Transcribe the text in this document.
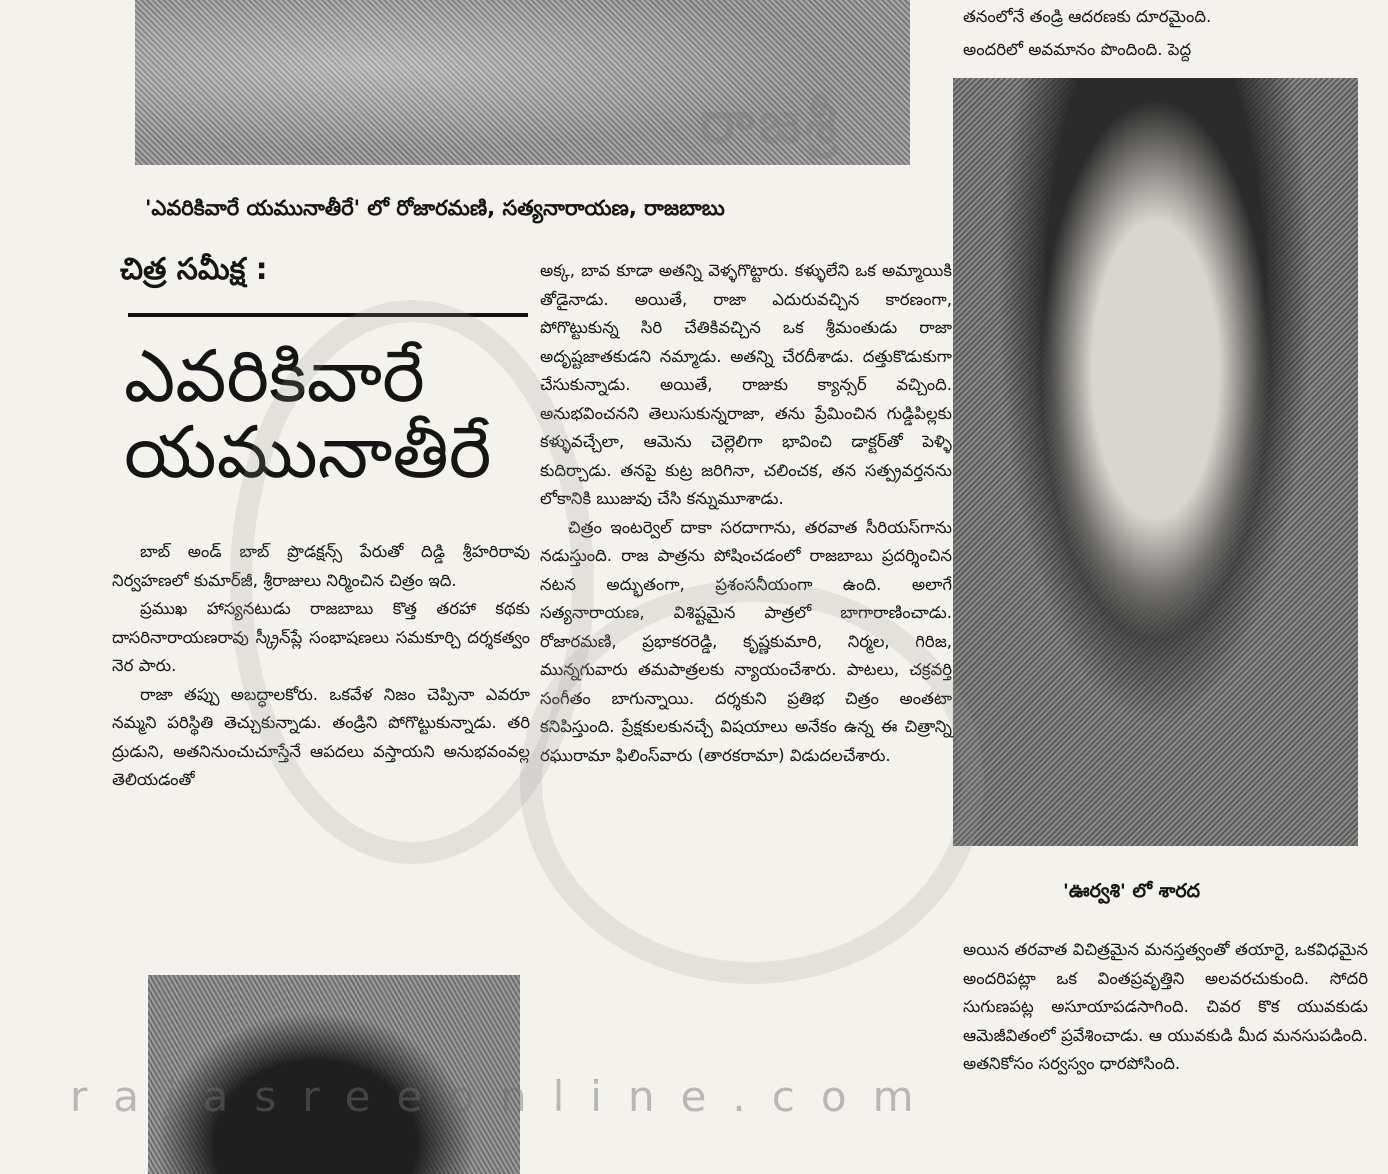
తనంలోనే తండ్రి ఆదరణకు దూరమైంది.
అందరిలో అవమానం పొందింది. పెద్ద
'ఎవరికివారే యమునాతీరే' లో రోజారమణి, సత్యనారాయణ, రాజబాబు
చిత్ర సమీక్ష :
ఎవరికివారే
యమునాతీరే

బాబ్ అండ్ బాబ్ ప్రొడక్షన్స్ పేరుతో దిడ్డి శ్రీహరిరావు నిర్వహణలో కుమార్‌జీ, శ్రీరాజులు నిర్మించిన చిత్రం ఇది.

ప్రముఖ హాస్యనటుడు రాజబాబు కొత్త తరహా కథకు దాసరినారాయణరావు స్క్రీన్‌ప్లే సంభాషణలు సమకూర్చి దర్శకత్వం నెర పారు.

రాజా తప్పు అబద్ధాలకోరు. ఒకవేళ నిజం చెప్పినా ఎవరూ నమ్మని పరిస్థితి తెచ్చుకున్నాడు. తండ్రిని పోగొట్టుకున్నాడు. తరి ద్రుడుని, అతనినుంచుచూస్తేనే ఆపదలు వస్తాయని అనుభవంవల్ల తెలియడంతో

అక్క, బావ కూడా అతన్ని వెళ్ళగొట్టారు. కళ్ళులేని ఒక అమ్మాయికి తోడైనాడు. అయితే, రాజా ఎదురువచ్చిన కారణంగా, పోగొట్టుకున్న సిరి చేతికివచ్చిన ఒక శ్రీమంతుడు రాజా అదృష్టజాతకుడని నమ్మాడు. అతన్ని చేరదీశాడు. దత్తుకొడుకుగా చేసుకున్నాడు. అయితే, రాజుకు క్యాన్సర్ వచ్చింది. అనుభవించనని తెలుసుకున్నరాజా, తను ప్రేమించిన గుడ్డిపిల్లకు కళ్ళువచ్చేలా, ఆమెను చెల్లెలిగా భావించి డాక్టర్‌తో పెళ్ళి కుదిర్చాడు. తనపై కుట్ర జరిగినా, చలించక, తన సత్ప్రవర్తనను లోకానికి ఋజువు చేసి కన్నుమూశాడు.

చిత్రం ఇంటర్వెల్ దాకా సరదాగాను, తరవాత సీరియస్‌గాను నడుస్తుంది. రాజ పాత్రను పోషించడంలో రాజబాబు ప్రదర్శించిన నటన అద్భుతంగా, ప్రశంసనీయంగా ఉంది. అలాగే సత్యనారాయణ, విశిష్టమైన పాత్రలో బాగారాణించాడు. రోజారమణి, ప్రభాకరరెడ్డి, కృష్ణకుమారి, నిర్మల, గిరిజ, మున్నగువారు తమపాత్రలకు న్యాయంచేశారు. పాటలు, చక్రవర్తి సంగీతం బాగున్నాయి. దర్శకుని ప్రతిభ చిత్రం అంతటా కనిపిస్తుంది. ప్రేక్షకులకునచ్చే విషయాలు అనేకం ఉన్న ఈ చిత్రాన్ని రఘురామా ఫిలింస్‌వారు (తారకరామా) విడుదలచేశారు.

'ఊర్వశి' లో శారద

అయిన తరవాత విచిత్రమైన మనస్తత్వంతో తయారై, ఒకవిధమైన అందరిపట్లా ఒక వింతప్రవృత్తిని అలవరచుకుంది. సోదరి సుగుణపట్ల అసూయాపడసాగింది. చివర కొక యువకుడు ఆమెజీవితంలో ప్రవేశించాడు. ఆ యువకుడి మీద మనసుపడింది. అతనికోసం సర్వస్వం ధారపోసింది.

రాజశ్రీ
rajasreeonline.com
